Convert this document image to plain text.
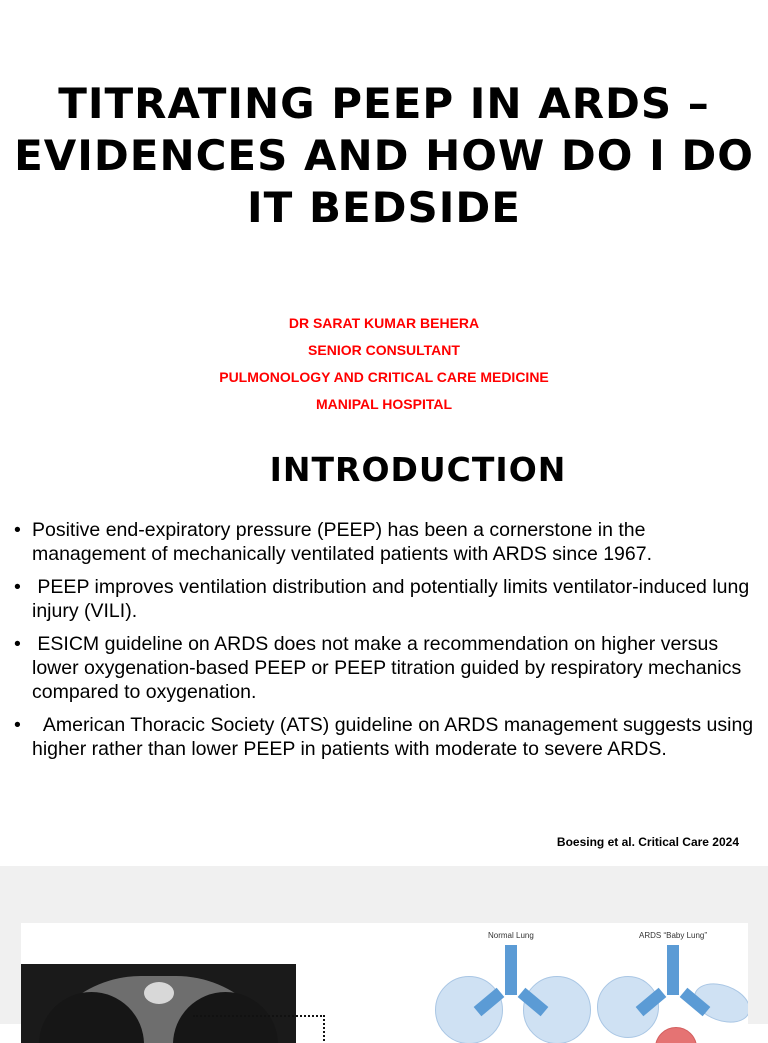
TITRATING PEEP IN ARDS – EVIDENCES AND HOW DO I DO IT BEDSIDE
DR SARAT KUMAR BEHERA
SENIOR CONSULTANT
PULMONOLOGY AND CRITICAL CARE MEDICINE
MANIPAL HOSPITAL
INTRODUCTION
• Positive end-expiratory pressure (PEEP) has been a cornerstone in the management of mechanically ventilated patients with ARDS since 1967.
• PEEP improves ventilation distribution and potentially limits ventilator-induced lung injury (VILI).
• ESICM guideline on ARDS does not make a recommendation on higher versus lower oxygenation-based PEEP or PEEP titration guided by respiratory mechanics compared to oxygenation.
• American Thoracic Society (ATS) guideline on ARDS management suggests using higher rather than lower PEEP in patients with moderate to severe ARDS.
Boesing et al. Critical Care 2024
Normal Lung	ARDS “Baby Lung”
